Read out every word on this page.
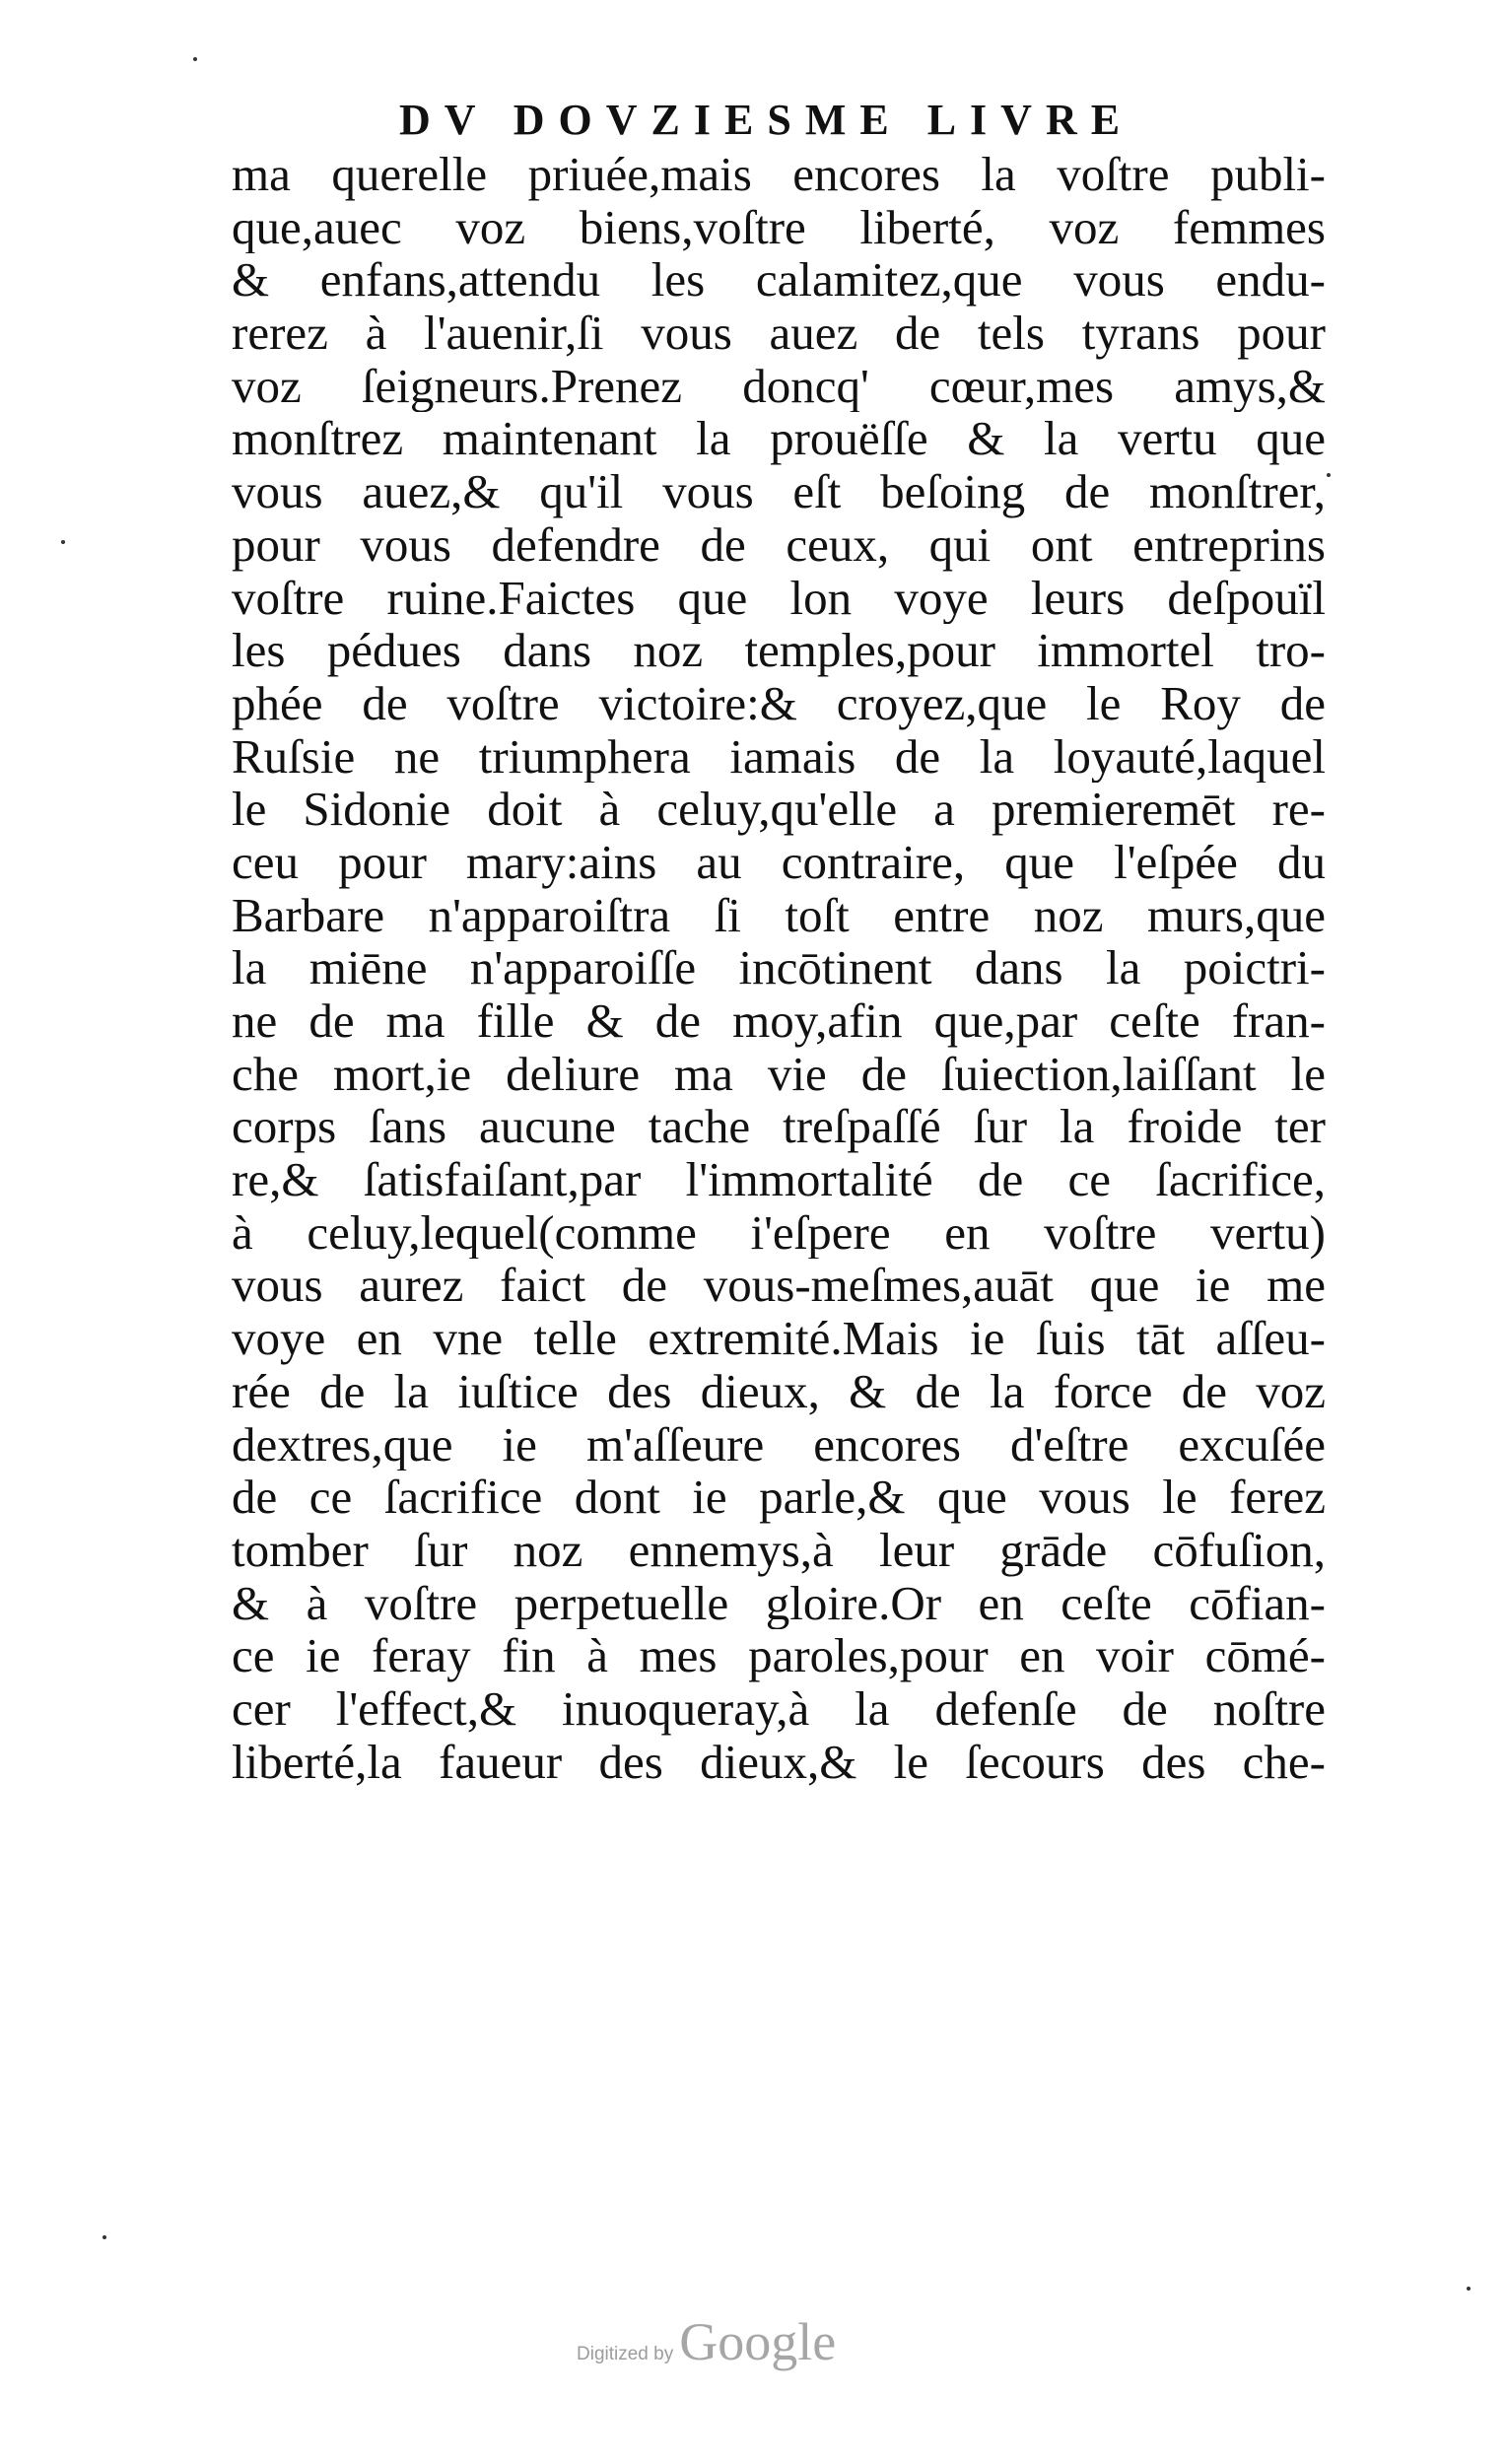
DV DOVZIESME LIVRE
ma querelle priuée,mais encores la voſtre publi-
que,auec voz biens,voſtre liberté, voz femmes
& enfans,attendu les calamitez,que vous endu-
rerez à l'auenir,ſi vous auez de tels tyrans pour
voz ſeigneurs.Prenez doncq' cœur,mes amys,&
monſtrez maintenant la prouëſſe & la vertu que
vous auez,& qu'il vous eſt beſoing de monſtrer,
pour vous defendre de ceux, qui ont entreprins
voſtre ruine.Faictes que lon voye leurs deſpouïl
les pédues dans noz temples,pour immortel tro-
phée de voſtre victoire:& croyez,que le Roy de
Ruſsie ne triumphera iamais de la loyauté,laquel
le Sidonie doit à celuy,qu'elle a premieremēt re-
ceu pour mary:ains au contraire, que l'eſpée du
Barbare n'apparoiſtra ſi toſt entre noz murs,que
la miēne n'apparoiſſe incōtinent dans la poictri-
ne de ma fille & de moy,afin que,par ceſte fran-
che mort,ie deliure ma vie de ſuiection,laiſſant le
corps ſans aucune tache treſpaſſé ſur la froide ter
re,& ſatisfaiſant,par l'immortalité de ce ſacrifice,
à celuy,lequel(comme i'eſpere en voſtre vertu)
vous aurez faict de vous-meſmes,auāt que ie me
voye en vne telle extremité.Mais ie ſuis tāt aſſeu-
rée de la iuſtice des dieux, & de la force de voz
dextres,que ie m'aſſeure encores d'eſtre excuſée
de ce ſacrifice dont ie parle,& que vous le ferez
tomber ſur noz ennemys,à leur grāde cōfuſion,
& à voſtre perpetuelle gloire.Or en ceſte cōfian-
ce ie feray fin à mes paroles,pour en voir cōmé-
cer l'effect,& inuoqueray,à la defenſe de noſtre
liberté,la faueur des dieux,& le ſecours des che-
Digitized by Google
